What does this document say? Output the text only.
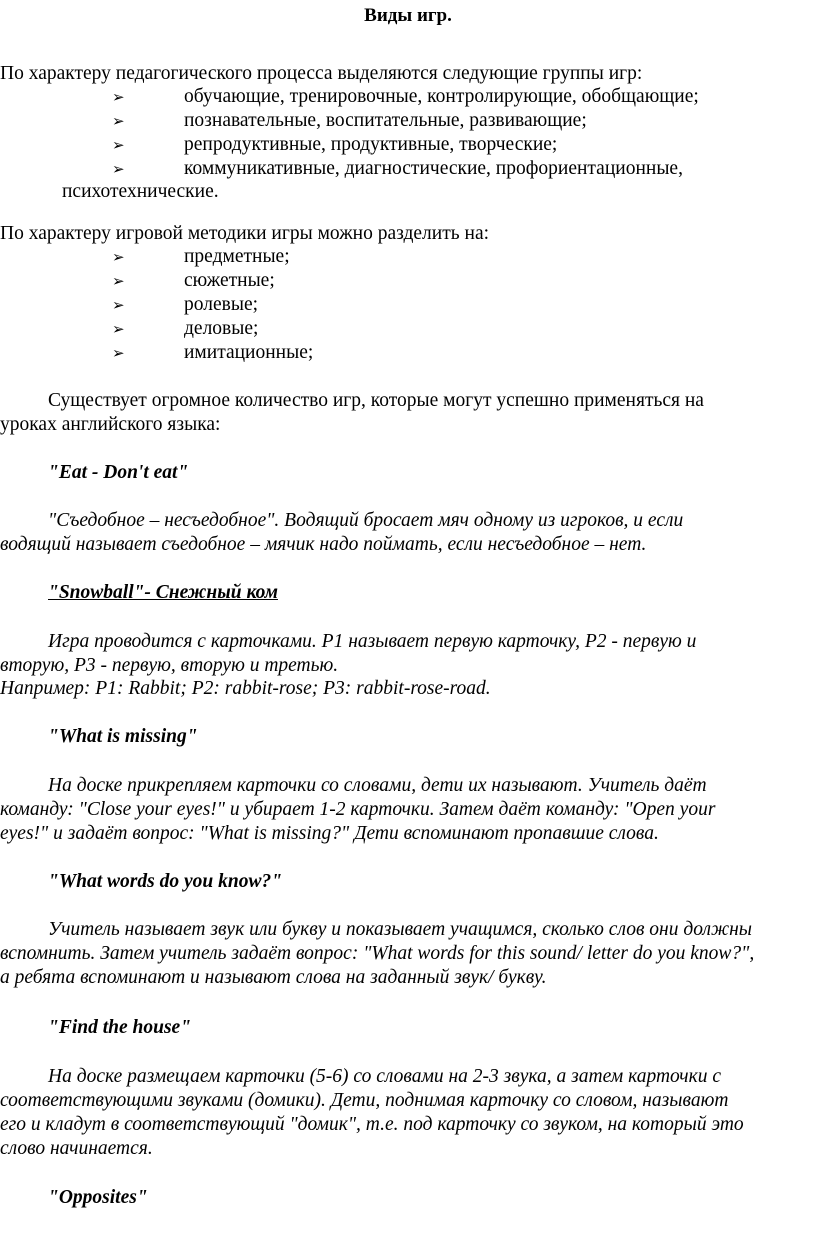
Виды игр.
По характеру педагогического процесса выделяются следующие группы игр:
➢	обучающие, тренировочные, контролирующие, обобщающие;
➢	познавательные, воспитательные, развивающие;
➢	репродуктивные, продуктивные, творческие;
➢	коммуникативные, диагностические, профориентационные,
психотехнические.
По характеру игровой методики игры можно разделить на:
➢	предметные;
➢	сюжетные;
➢	ролевые;
➢	деловые;
➢	имитационные;
Существует огромное количество игр, которые могут успешно применяться на
уроках английского языка:
"Eat - Don't eat"
"Съедобное – несъедобное". Водящий бросает мяч одному из игроков, и если
водящий называет съедобное – мячик надо поймать, если несъедобное – нет.
"Snowball"- Снежный ком
Игра проводится с карточками. P1 называет первую карточку, P2 - первую и
вторую, P3 - первую, вторую и третью.
Например: P1: Rabbit; P2: rabbit-rose; P3: rabbit-rose-road.
"What is missing"
На доске прикрепляем карточки со словами, дети их называют. Учитель даёт
команду: "Close your eyes!" и убирает 1-2 карточки. Затем даёт команду: "Open your
eyes!" и задаёт вопрос: "What is missing?" Дети вспоминают пропавшие слова.
"What words do you know?"
Учитель называет звук или букву и показывает учащимся, сколько слов они должны
вспомнить. Затем учитель задаёт вопрос: "What words for this sound/ letter do you know?",
а ребята вспоминают и называют слова на заданный звук/ букву.
"Find the house"
На доске размещаем карточки (5-6) со словами на 2-3 звука, а затем карточки с
соответствующими звуками (домики). Дети, поднимая карточку со словом, называют
его и кладут в соответствующий "домик", т.е. под карточку со звуком, на который это
слово начинается.
"Opposites"
